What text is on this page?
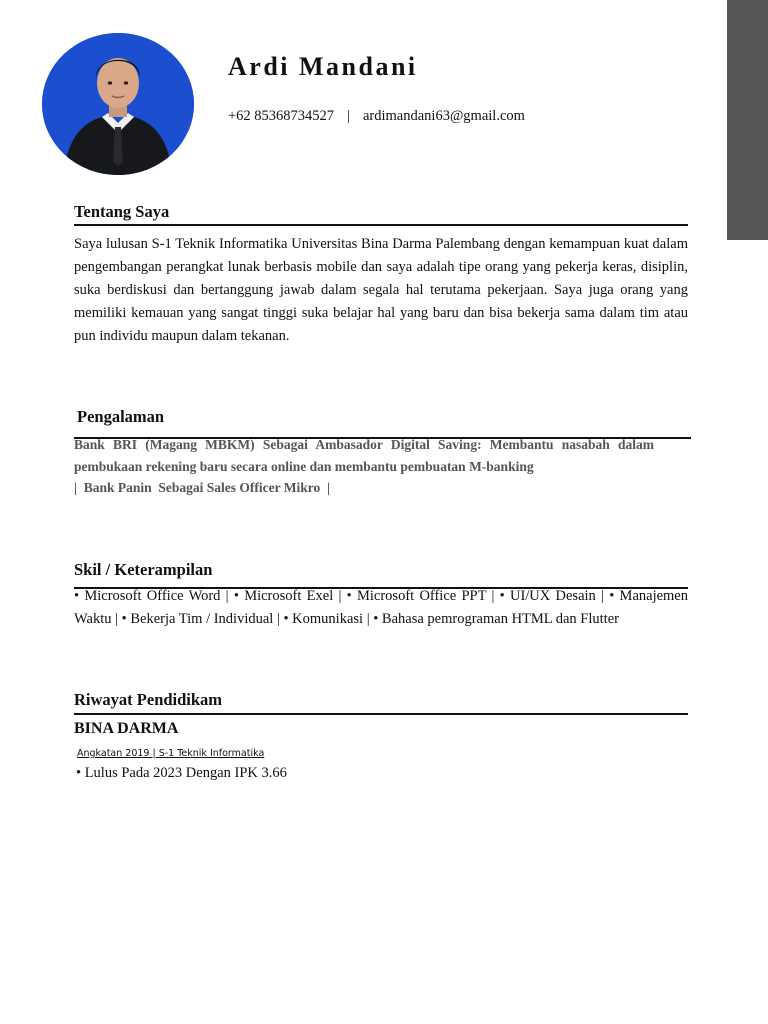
Ardi Mandani
+62 85368734527 | ardimandani63@gmail.com
Tentang Saya

Saya lulusan S-1 Teknik Informatika Universitas Bina Darma Palembang dengan kemampuan kuat dalam pengembangan perangkat lunak berbasis mobile dan saya adalah tipe orang yang pekerja keras, disiplin, suka berdiskusi dan bertanggung jawab dalam segala hal terutama pekerjaan. Saya juga orang yang memiliki kemauan yang sangat tinggi suka belajar hal yang baru dan bisa bekerja sama dalam tim atau pun individu maupun dalam tekanan.

Pengalaman

Bank BRI (Magang MBKM) Sebagai Ambasador Digital Saving: Membantu nasabah dalam pembukaan rekening baru secara online dan membantu pembuatan M-banking

|  Bank Panin  Sebagai Sales Officer Mikro  |
Skil / Keterampilan

• Microsoft Office Word | • Microsoft Exel | • Microsoft Office PPT | • UI/UX Desain | • Manajemen Waktu | • Bekerja Tim / Individual | • Komunikasi | • Bahasa pemrograman HTML dan Flutter

Riwayat Pendidikam
BINA DARMA
Angkatan 2019 | S-1 Teknik Informatika
• Lulus Pada 2023 Dengan IPK 3.66
